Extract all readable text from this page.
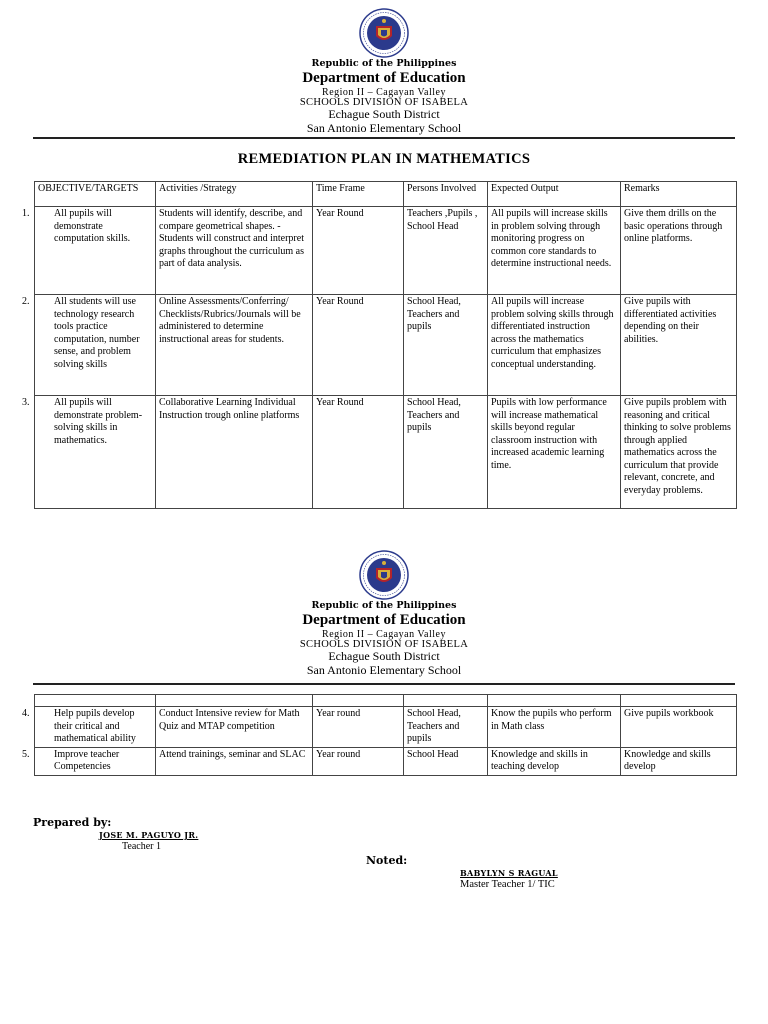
Republic of the Philippines
Department of Education
Region II – Cagayan Valley
SCHOOLS DIVISION OF ISABELA
Echague South District
San Antonio Elementary School
REMEDIATION PLAN IN MATHEMATICS
OBJECTIVE/TARGETS	Activities /Strategy	Time Frame	Persons Involved	Expected Output	Remarks

1. All pupils will demonstrate computation skills.	Students will identify, describe, and compare geometrical shapes. -Students will construct and interpret graphs throughout the curriculum as part of data analysis.	Year Round	Teachers ,Pupils , School Head	All pupils will increase skills in problem solving through monitoring progress on common core standards to determine instructional needs.	Give them drills on the basic operations through online platforms.

2. All students will use technology research tools practice computation, number sense, and problem solving skills	Online Assessments/Conferring/ Checklists/Rubrics/Journals will be administered to determine instructional areas for students.	Year Round	School Head, Teachers and pupils	All pupils will increase problem solving skills through differentiated instruction across the mathematics curriculum that emphasizes conceptual understanding.	Give pupils with differentiated activities depending on their abilities.

3. All pupils will demonstrate problem-solving skills in mathematics.	Collaborative Learning Individual Instruction trough online platforms	Year Round	School Head, Teachers and pupils	Pupils with low performance will increase mathematical skills beyond regular classroom instruction with increased academic learning time.	Give pupils problem with reasoning and critical thinking to solve problems through applied mathematics across the curriculum that provide relevant, concrete, and everyday problems.
Republic of the Philippines
Department of Education
Region II – Cagayan Valley
SCHOOLS DIVISION OF ISABELA
Echague South District
San Antonio Elementary School

4. Help pupils develop their critical and mathematical ability	Conduct Intensive review for Math Quiz and MTAP competition	Year round	School Head, Teachers and pupils	Know the pupils who perform in Math class	Give pupils workbook

5. Improve teacher Competencies	Attend trainings, seminar and SLAC	Year round	School Head	Knowledge and skills in teaching develop	Knowledge and skills develop
Prepared by:
JOSE M. PAGUYO JR.
Teacher 1
Noted:
BABYLYN S RAGUAL
Master Teacher 1/ TIC
